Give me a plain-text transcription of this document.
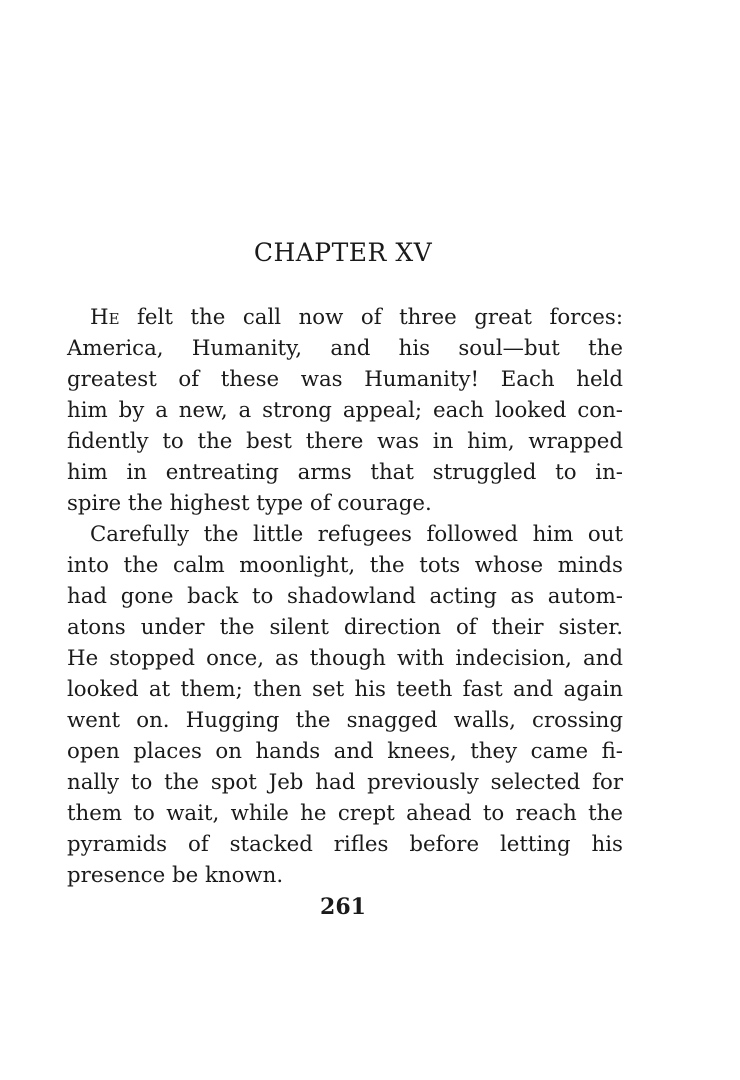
CHAPTER XV
He felt the call now of three great forces:
America, Humanity, and his soul—but the
greatest of these was Humanity! Each held
him by a new, a strong appeal; each looked con-
fidently to the best there was in him, wrapped
him in entreating arms that struggled to in-
spire the highest type of courage.
Carefully the little refugees followed him out
into the calm moonlight, the tots whose minds
had gone back to shadowland acting as autom-
atons under the silent direction of their sister.
He stopped once, as though with indecision, and
looked at them; then set his teeth fast and again
went on. Hugging the snagged walls, crossing
open places on hands and knees, they came fi-
nally to the spot Jeb had previously selected for
them to wait, while he crept ahead to reach the
pyramids of stacked rifles before letting his
presence be known.
261
